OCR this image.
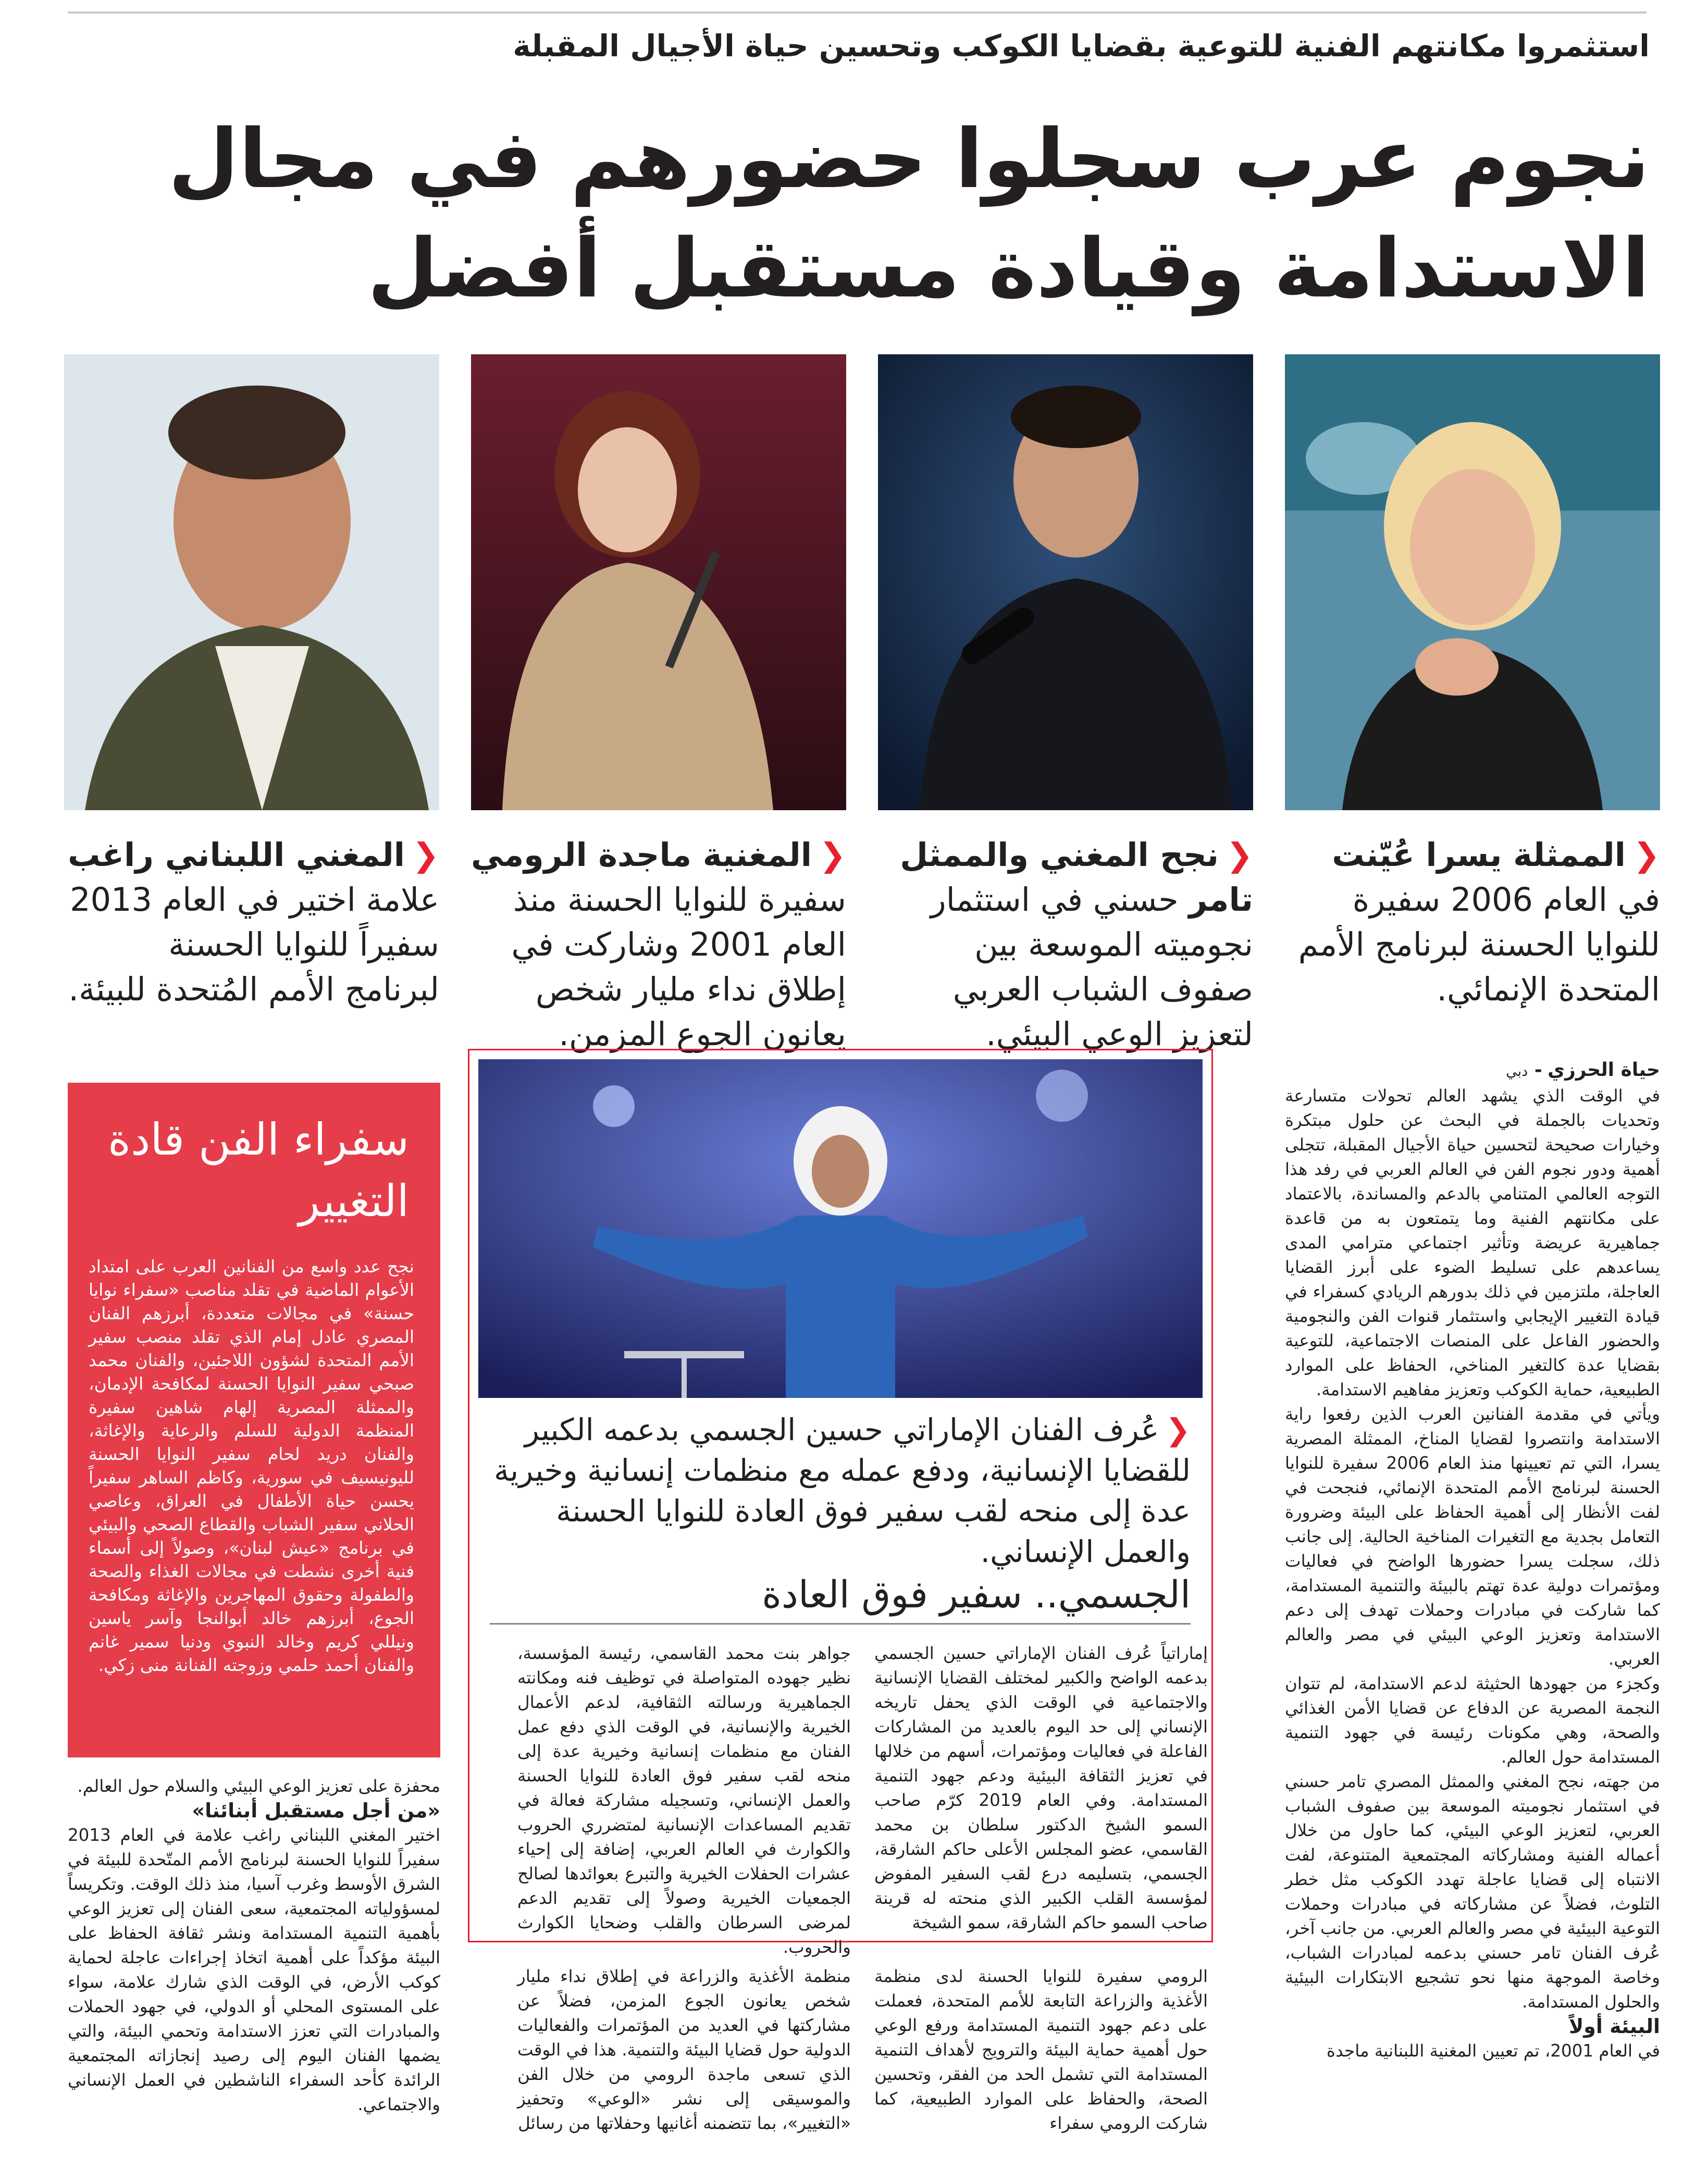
استثمروا مكانتهم الفنية للتوعية بقضايا الكوكب وتحسين حياة الأجيال المقبلة
نجوم عرب سجلوا حضورهم في مجال
الاستدامة وقيادة مستقبل أفضل
❮الممثلة يسرا عُيّنت في العام 2006 سفيرة للنوايا الحسنة لبرنامج الأمم المتحدة الإنمائي.
❮نجح المغني والممثل تامر حسني في استثمار نجوميته الموسعة بين صفوف الشباب العربي لتعزيز الوعي البيئي.
❮المغنية ماجدة الرومي سفيرة للنوايا الحسنة منذ العام 2001 وشاركت في إطلاق نداء مليار شخص يعانون الجوع المزمن.
❮المغني اللبناني راغب علامة اختير في العام 2013 سفيراً للنوايا الحسنة لبرنامج الأمم المُتحدة للبيئة.

حياة الحرزي - دبي

في الوقت الذي يشهد العالم تحولات متسارعة وتحديات بالجملة في البحث عن حلول مبتكرة وخيارات صحيحة لتحسين حياة الأجيال المقبلة، تتجلى أهمية ودور نجوم الفن في العالم العربي في رفد هذا التوجه العالمي المتنامي بالدعم والمساندة، بالاعتماد على مكانتهم الفنية وما يتمتعون به من قاعدة جماهيرية عريضة وتأثير اجتماعي مترامي المدى يساعدهم على تسليط الضوء على أبرز القضايا العاجلة، ملتزمين في ذلك بدورهم الريادي كسفراء في قيادة التغيير الإيجابي واستثمار قنوات الفن والنجومية والحضور الفاعل على المنصات الاجتماعية، للتوعية بقضايا عدة كالتغير المناخي، الحفاظ على الموارد الطبيعية، حماية الكوكب وتعزيز مفاهيم الاستدامة.

ويأتي في مقدمة الفنانين العرب الذين رفعوا راية الاستدامة وانتصروا لقضايا المناخ، الممثلة المصرية يسرا، التي تم تعيينها منذ العام 2006 سفيرة للنوايا الحسنة لبرنامج الأمم المتحدة الإنمائي، فنجحت في لفت الأنظار إلى أهمية الحفاظ على البيئة وضرورة التعامل بجدية مع التغيرات المناخية الحالية. إلى جانب ذلك، سجلت يسرا حضورها الواضح في فعاليات ومؤتمرات دولية عدة تهتم بالبيئة والتنمية المستدامة، كما شاركت في مبادرات وحملات تهدف إلى دعم الاستدامة وتعزيز الوعي البيئي في مصر والعالم العربي.

وكجزء من جهودها الحثيثة لدعم الاستدامة، لم تتوان النجمة المصرية عن الدفاع عن قضايا الأمن الغذائي والصحة، وهي مكونات رئيسة في جهود التنمية المستدامة حول العالم.

من جهته، نجح المغني والممثل المصري تامر حسني في استثمار نجوميته الموسعة بين صفوف الشباب العربي، لتعزيز الوعي البيئي، كما حاول من خلال أعماله الفنية ومشاركاته المجتمعية المتنوعة، لفت الانتباه إلى قضايا عاجلة تهدد الكوكب مثل خطر التلوث، فضلاً عن مشاركاته في مبادرات وحملات التوعية البيئية في مصر والعالم العربي. من جانب آخر، عُرف الفنان تامر حسني بدعمه لمبادرات الشباب، وخاصة الموجهة منها نحو تشجيع الابتكارات البيئية والحلول المستدامة.

البيئة أولاً

في العام 2001، تم تعيين المغنية اللبنانية ماجدة

سفراء الفن قادة التغيير
نجح عدد واسع من الفنانين العرب على امتداد الأعوام الماضية في تقلد مناصب «سفراء نوايا حسنة» في مجالات متعددة، أبرزهم الفنان المصري عادل إمام الذي تقلد منصب سفير الأمم المتحدة لشؤون اللاجئين، والفنان محمد صبحي سفير النوايا الحسنة لمكافحة الإدمان، والممثلة المصرية إلهام شاهين سفيرة المنظمة الدولية للسلم والرعاية والإغاثة، والفنان دريد لحام سفير النوايا الحسنة لليونيسيف في سورية، وكاظم الساهر سفيراً يحسن حياة الأطفال في العراق، وعاصي الحلاني سفير الشباب والقطاع الصحي والبيئي في برنامج «عيش لبنان»، وصولاً إلى أسماء فنية أخرى نشطت في مجالات الغذاء والصحة والطفولة وحقوق المهاجرين والإغاثة ومكافحة الجوع، أبرزهم خالد أبوالنجا وآسر ياسين ونيللي كريم وخالد النبوي ودنيا سمير غانم والفنان أحمد حلمي وزوجته الفنانة منى زكي.

محفزة على تعزيز الوعي البيئي والسلام حول العالم.

«من أجل مستقبل أبنائنا»

اختير المغني اللبناني راغب علامة في العام 2013 سفيراً للنوايا الحسنة لبرنامج الأمم المتّحدة للبيئة في الشرق الأوسط وغرب آسيا، منذ ذلك الوقت. وتكريساً لمسؤولياته المجتمعية، سعى الفنان إلى تعزيز الوعي بأهمية التنمية المستدامة ونشر ثقافة الحفاظ على البيئة مؤكداً على أهمية اتخاذ إجراءات عاجلة لحماية كوكب الأرض، في الوقت الذي شارك علامة، سواء على المستوى المحلي أو الدولي، في جهود الحملات والمبادرات التي تعزز الاستدامة وتحمي البيئة، والتي يضمها الفنان اليوم إلى رصيد إنجازاته المجتمعية الرائدة كأحد السفراء الناشطين في العمل الإنساني والاجتماعي.

❮عُرف الفنان الإماراتي حسين الجسمي بدعمه الكبير للقضايا الإنسانية، ودفع عمله مع منظمات إنسانية وخيرية عدة إلى منحه لقب سفير فوق العادة للنوايا الحسنة والعمل الإنساني.
الجسمي.. سفير فوق العادة
إماراتياً عُرف الفنان الإماراتي حسين الجسمي بدعمه الواضح والكبير لمختلف القضايا الإنسانية والاجتماعية في الوقت الذي يحفل تاريخه الإنساني إلى حد اليوم بالعديد من المشاركات الفاعلة في فعاليات ومؤتمرات، أسهم من خلالها في تعزيز الثقافة البيئية ودعم جهود التنمية المستدامة. وفي العام 2019 كرّم صاحب السمو الشيخ الدكتور سلطان بن محمد القاسمي، عضو المجلس الأعلى حاكم الشارقة، الجسمي، بتسليمه درع لقب السفير المفوض لمؤسسة القلب الكبير الذي منحته له قرينة صاحب السمو حاكم الشارقة، سمو الشيخة
جواهر بنت محمد القاسمي، رئيسة المؤسسة، نظير جهوده المتواصلة في توظيف فنه ومكانته الجماهيرية ورسالته الثقافية، لدعم الأعمال الخيرية والإنسانية، في الوقت الذي دفع عمل الفنان مع منظمات إنسانية وخيرية عدة إلى منحه لقب سفير فوق العادة للنوايا الحسنة والعمل الإنساني، وتسجيله مشاركة فعالة في تقديم المساعدات الإنسانية لمتضرري الحروب والكوارث في العالم العربي، إضافة إلى إحياء عشرات الحفلات الخيرية والتبرع بعوائدها لصالح الجمعيات الخيرية وصولاً إلى تقديم الدعم لمرضى السرطان والقلب وضحايا الكوارث والحروب.
الرومي سفيرة للنوايا الحسنة لدى منظمة الأغذية والزراعة التابعة للأمم المتحدة، فعملت على دعم جهود التنمية المستدامة ورفع الوعي حول أهمية حماية البيئة والترويج لأهداف التنمية المستدامة التي تشمل الحد من الفقر، وتحسين الصحة، والحفاظ على الموارد الطبيعية، كما شاركت الرومي سفراء
منظمة الأغذية والزراعة في إطلاق نداء مليار شخص يعانون الجوع المزمن، فضلاً عن مشاركتها في العديد من المؤتمرات والفعاليات الدولية حول قضايا البيئة والتنمية. هذا في الوقت الذي تسعى ماجدة الرومي من خلال الفن والموسيقى إلى نشر «الوعي» وتحفيز «التغيير»، بما تتضمنه أغانيها وحفلاتها من رسائل
